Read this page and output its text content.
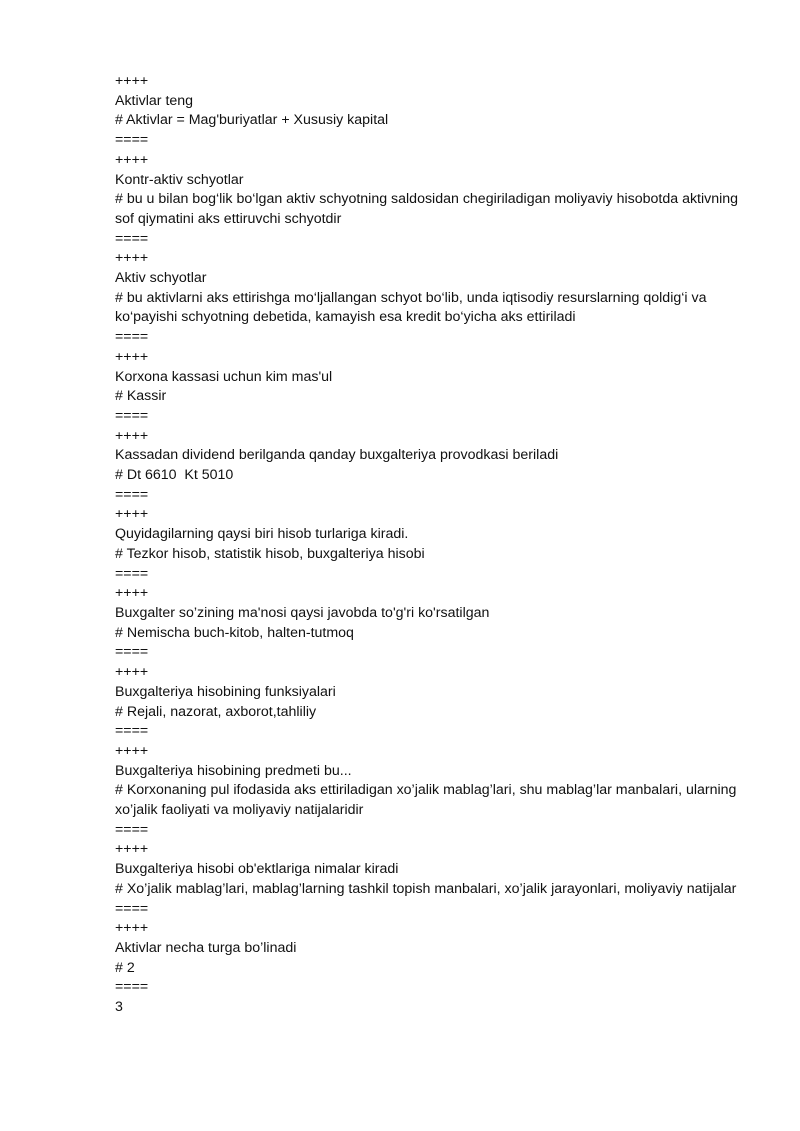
++++

Aktivlar teng

# Aktivlar = Mag'buriyatlar + Xususiy kapital

====

++++

Kontr-aktiv schyotlar

# bu u bilan bog‘lik bo‘lgan aktiv schyotning saldosidan chegiriladigan moliyaviy hisobotda aktivning sof qiymatini aks ettiruvchi schyotdir

====

++++

Aktiv schyotlar

# bu aktivlarni aks ettirishga mo‘ljallangan schyot bo‘lib, unda iqtisodiy resurslarning qoldig‘i va ko‘payishi schyotning debetida, kamayish esa kredit bo‘yicha aks ettiriladi

====

++++

Korxona kassasi uchun kim mas'ul

# Kassir

====

++++

Kassadan dividend berilganda qanday buxgalteriya provodkasi beriladi

# Dt 6610  Kt 5010

====

++++

Quyidagilarning qaysi biri hisob turlariga kiradi.

# Tezkor hisob, statistik hisob, buxgalteriya hisobi

====

++++

Buxgalter so’zining ma'nosi qaysi javobda to'g'ri ko'rsatilgan

# Nemischa buch-kitob, halten-tutmoq

====

++++

Buxgalteriya hisobining funksiyalari

# Rejali, nazorat, axborot,tahliliy

====

++++

Buxgalteriya hisobining predmeti bu...

# Korxonaning pul ifodasida aks ettiriladigan xo’jalik mablag’lari, shu mablag’lar manbalari, ularning xo’jalik faoliyati va moliyaviy natijalaridir

====

++++

Buxgalteriya hisobi ob'ektlariga nimalar kiradi

# Xo’jalik mablag’lari, mablag’larning tashkil topish manbalari, xo’jalik jarayonlari, moliyaviy natijalar

====

++++

Aktivlar necha turga bo’linadi

# 2

====

3
